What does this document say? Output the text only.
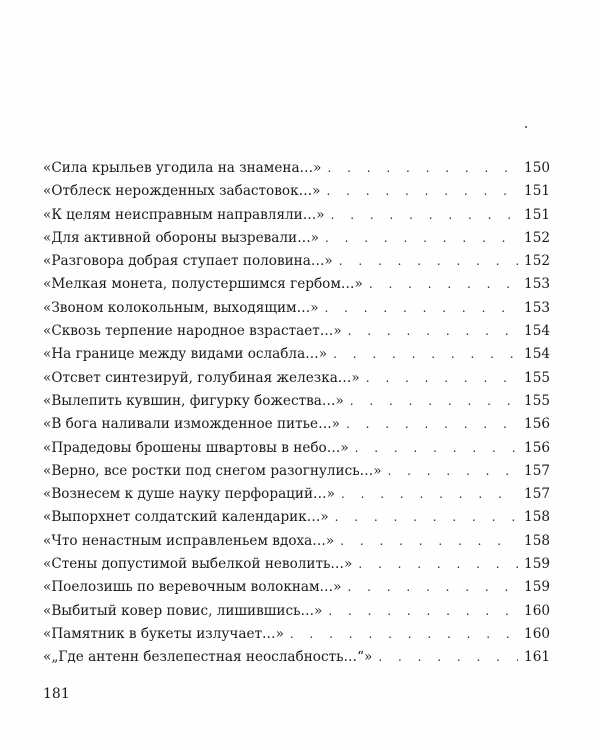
«Сила крыльев угодила на знамена…» . . .	150
«Отблеск нерожденных забастовок…» . . .	151
«К целям неисправным направляли…» . . .	151
«Для активной обороны вызревали…» . . .	152
«Разговора добрая ступает половина…» . . .	152
«Мелкая монета, полустершимся гербом…» . . .	153
«Звоном колокольным, выходящим…» . . .	153
«Сквозь терпение народное взрастает…» . . .	154
«На границе между видами ослабла…» . . .	154
«Отсвет синтезируй, голубиная железка…» . . .	155
«Вылепить кувшин, фигурку божества…» . . .	155
«В бога наливали изможденное питье…» . . .	156
«Прадедовы брошены швартовы в небо…» . . .	156
«Верно, все ростки под снегом разогнулись…» . . .	157
«Вознесем к душе науку перфораций…» . . .	157
«Выпорхнет солдатский календарик…» . . .	158
«Что ненастным исправленьем вдоха…» . . .	158
«Стены допустимой выбелкой неволить…» . . .	159
«Поелозишь по веревочным волокнам…» . . .	159
«Выбитый ковер повис, лишившись…» . . .	160
«Памятник в букеты излучает…» . . .	160
«„Где антенн безлепестная неослабность…“» . . .	161
181
